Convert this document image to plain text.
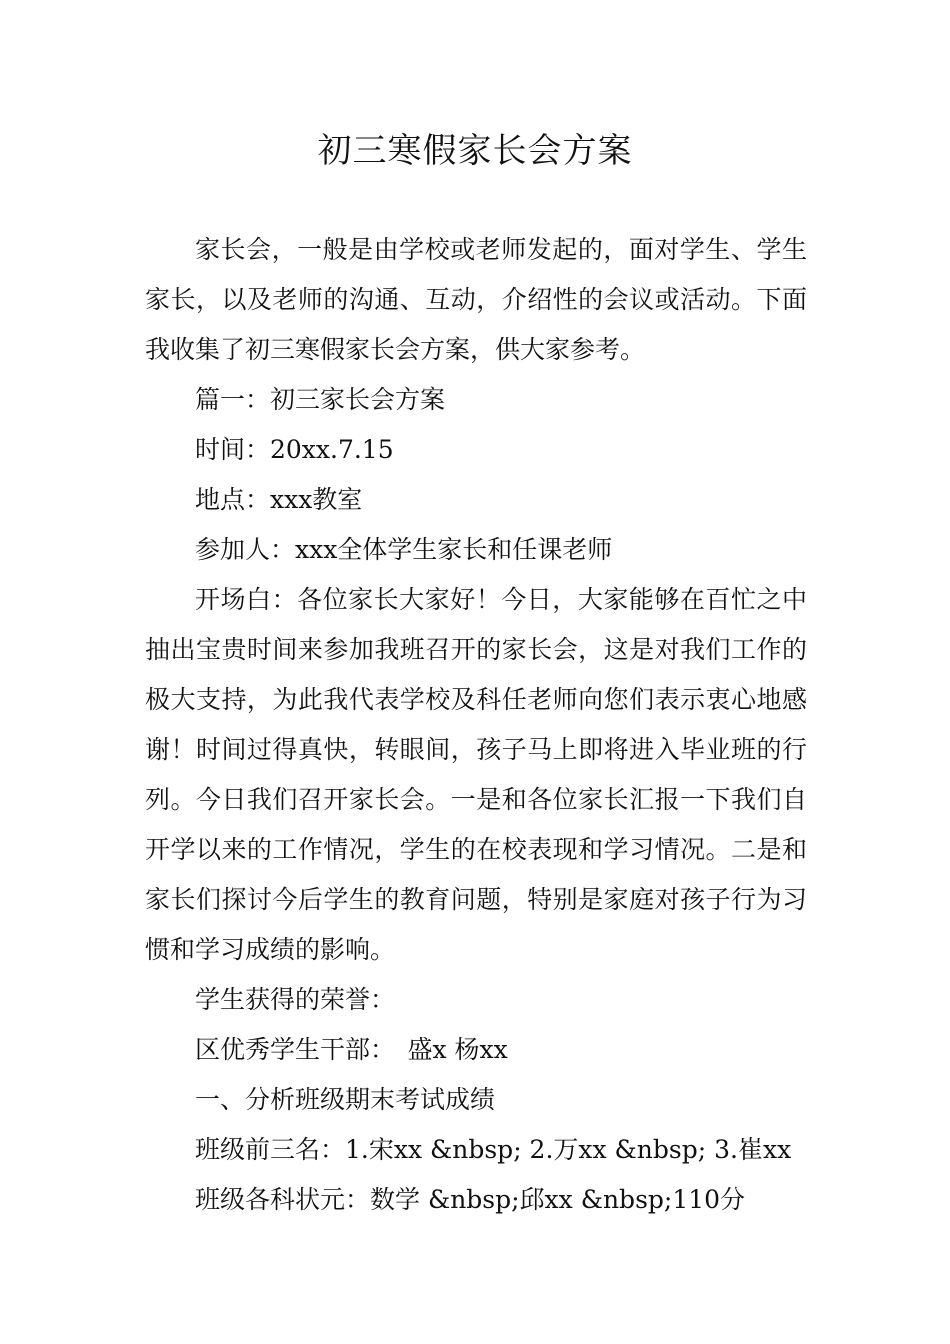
初三寒假家长会方案

家长会，一般是由学校或老师发起的，面对学生、学生家长，以及老师的沟通、互动，介绍性的会议或活动。下面我收集了初三寒假家长会方案，供大家参考。

篇一：初三家长会方案

时间：20xx.7.15

地点：xxx教室

参加人：xxx全体学生家长和任课老师

开场白：各位家长大家好！今日，大家能够在百忙之中抽出宝贵时间来参加我班召开的家长会，这是对我们工作的极大支持，为此我代表学校及科任老师向您们表示衷心地感谢！时间过得真快，转眼间，孩子马上即将进入毕业班的行列。今日我们召开家长会。一是和各位家长汇报一下我们自开学以来的工作情况，学生的在校表现和学习情况。二是和家长们探讨今后学生的教育问题，特别是家庭对孩子行为习惯和学习成绩的影响。

学生获得的荣誉：

区优秀学生干部：　盛x 杨xx

一、分析班级期末考试成绩

班级前三名：1.宋xx &nbsp; 2.万xx &nbsp; 3.崔xx

班级各科状元：数学 &nbsp;邱xx &nbsp;110分
